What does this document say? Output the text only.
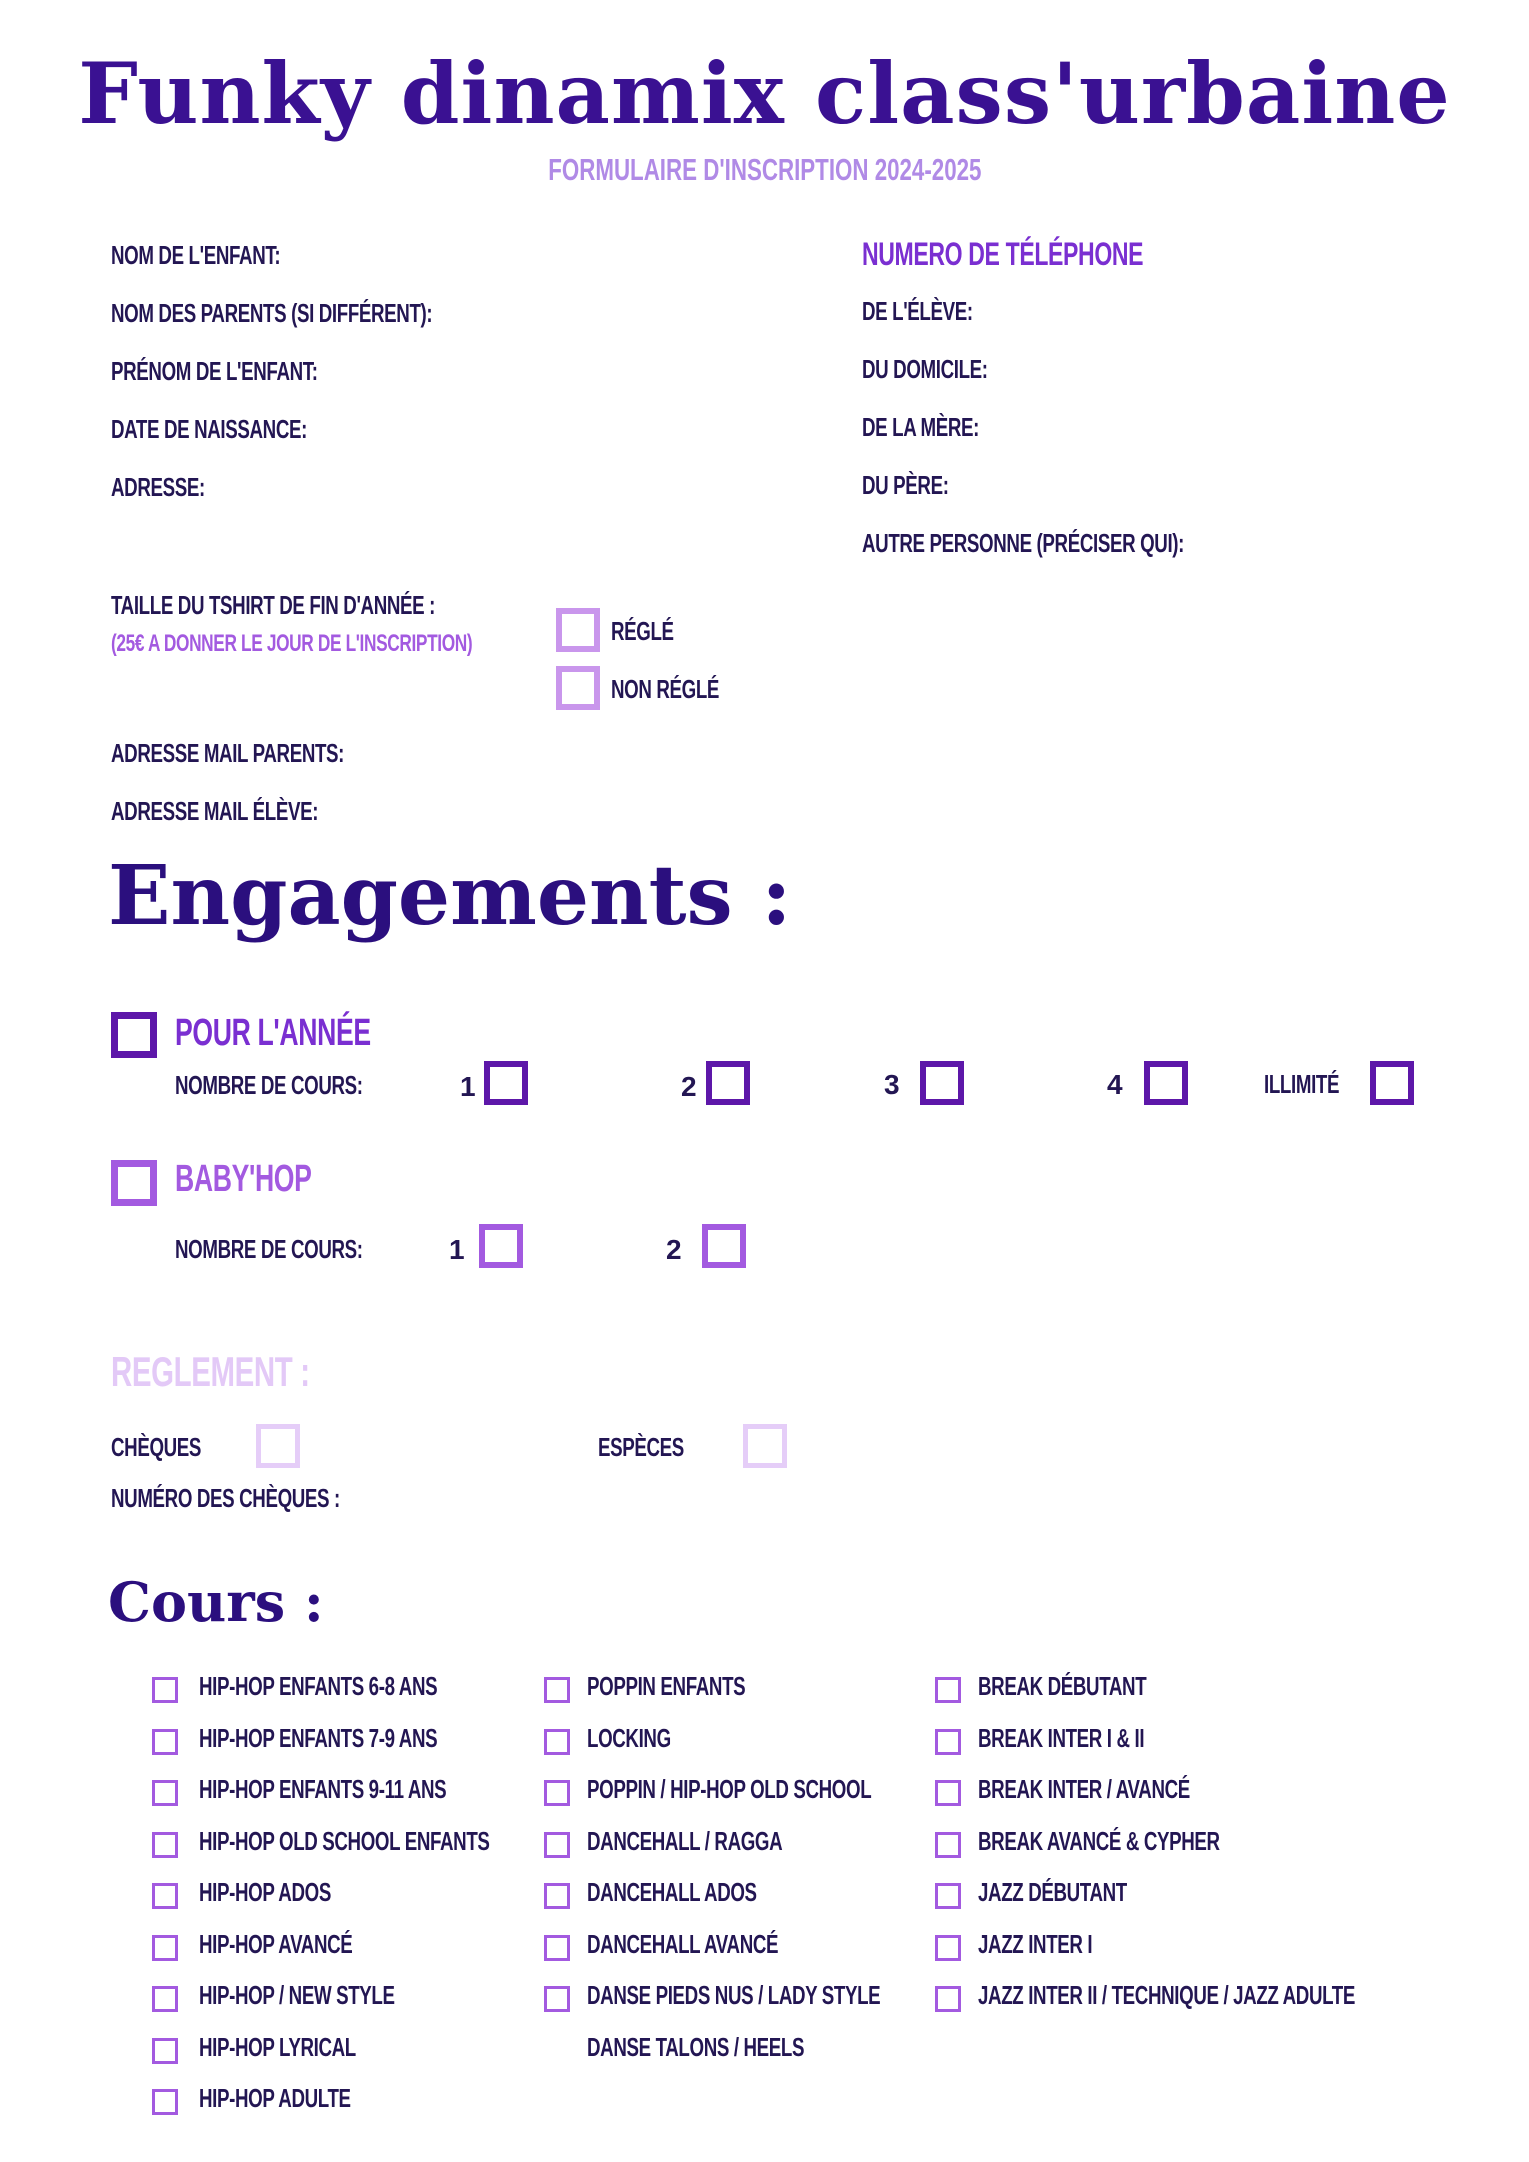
Funky dinamix class'urbaine
FORMULAIRE D'INSCRIPTION 2024-2025
NOM DE L'ENFANT:
NOM DES PARENTS (SI DIFFÉRENT):
PRÉNOM DE L'ENFANT:
DATE DE NAISSANCE:
ADRESSE:
NUMERO DE TÉLÉPHONE
DE L'ÉLÈVE:
DU DOMICILE:
DE LA MÈRE:
DU PÈRE:
AUTRE PERSONNE (PRÉCISER QUI):
TAILLE DU TSHIRT DE FIN D'ANNÉE :
(25€ A DONNER LE JOUR DE L'INSCRIPTION)	RÉGLÉ
NON RÉGLÉ
ADRESSE MAIL PARENTS:
ADRESSE MAIL ÉLÈVE:
Engagements :
POUR L'ANNÉE
NOMBRE DE COURS:	1	2	3	4	ILLIMITÉ
BABY'HOP
NOMBRE DE COURS:	1	2
REGLEMENT :
CHÈQUES	ESPÈCES
NUMÉRO DES CHÈQUES :
Cours :
HIP-HOP ENFANTS 6-8 ANS
HIP-HOP ENFANTS 7-9 ANS
HIP-HOP ENFANTS 9-11 ANS
HIP-HOP OLD SCHOOL ENFANTS
HIP-HOP ADOS
HIP-HOP AVANCÉ
HIP-HOP / NEW STYLE
HIP-HOP LYRICAL
HIP-HOP ADULTE
POPPIN ENFANTS
LOCKING
POPPIN / HIP-HOP OLD SCHOOL
DANCEHALL / RAGGA
DANCEHALL ADOS
DANCEHALL AVANCÉ
DANSE PIEDS NUS / LADY STYLE
DANSE TALONS / HEELS
BREAK DÉBUTANT
BREAK INTER I & II
BREAK INTER / AVANCÉ
BREAK AVANCÉ & CYPHER
JAZZ DÉBUTANT
JAZZ INTER I
JAZZ INTER II / TECHNIQUE / JAZZ ADULTE
